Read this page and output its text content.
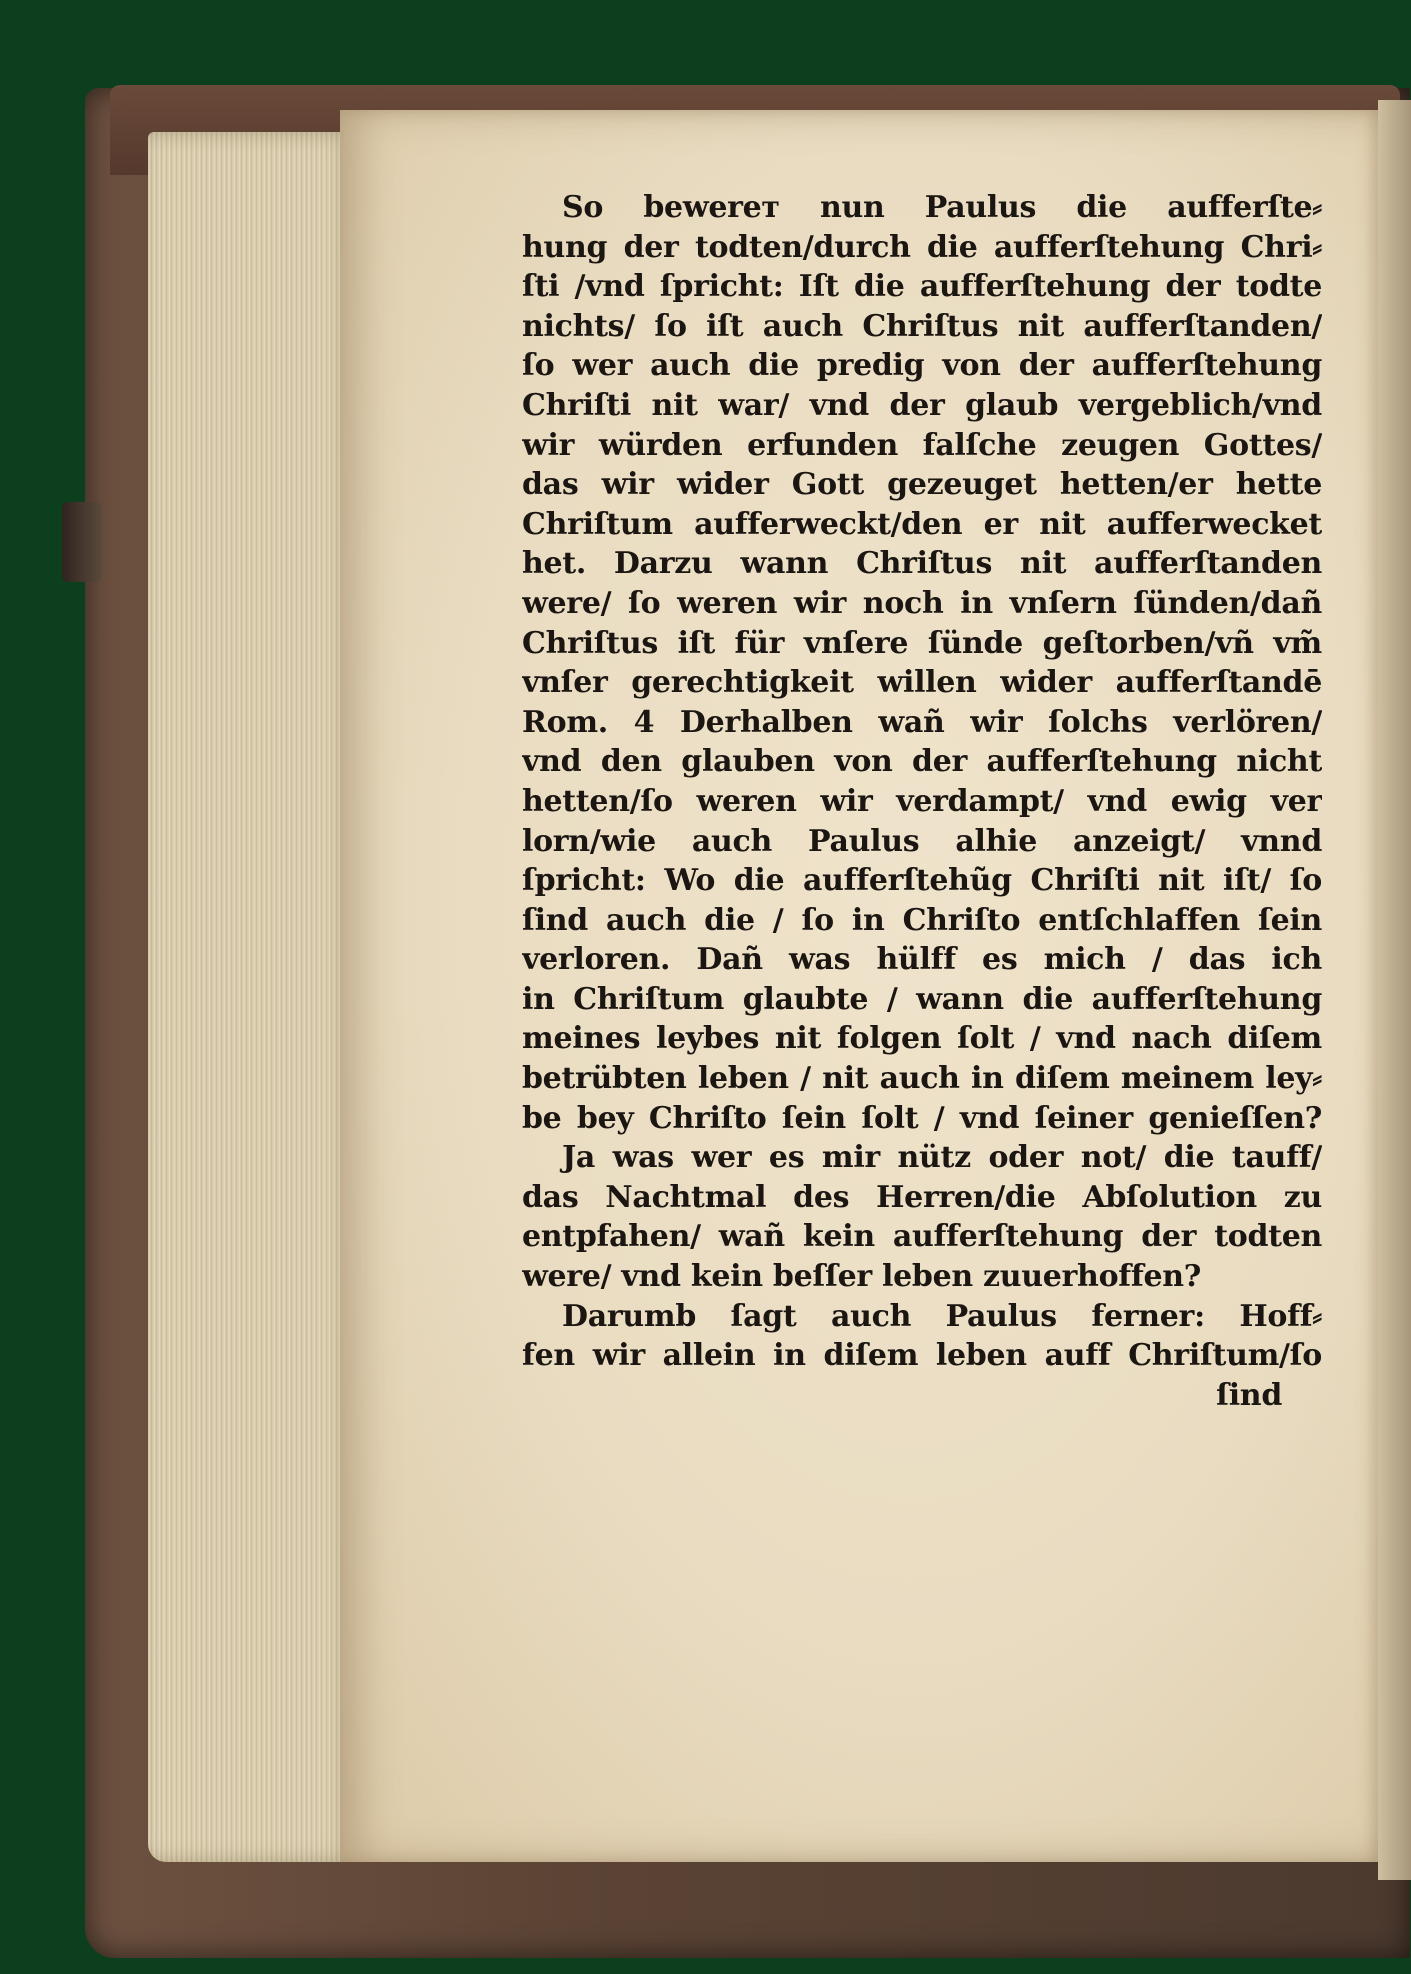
So bewerет nun Paulus die aufferſte⸗
hung der todten/durch die aufferſtehung Chri⸗
ſti /vnd ſpricht: Iſt die aufferſtehung der todte
nichts/ ſo iſt auch Chriſtus nit aufferſtanden/
ſo wer auch die predig von der aufferſtehung
Chriſti nit war/ vnd der glaub vergeblich/vnd
wir würden erfunden falſche zeugen Gottes/
das wir wider Gott gezeuget hetten/er hette
Chriſtum aufferweckt/den er nit aufferwecket
het. Darzu wann Chriſtus nit aufferſtanden
were/ ſo weren wir noch in vnſern ſünden/dañ
Chriſtus iſt für vnſere ſünde geſtorben/vñ vm̃
vnſer gerechtigkeit willen wider aufferſtandē
Rom. 4 Derhalben wañ wir ſolchs verlören/
vnd den glauben von der aufferſtehung nicht
hetten/ſo weren wir verdampt/ vnd ewig ver
lorn/wie auch Paulus alhie anzeigt/ vnnd
ſpricht: Wo die aufferſtehũg Chriſti nit iſt/ ſo
ſind auch die / ſo in Chriſto entſchlaffen ſein
verloren. Dañ was hülff es mich / das ich
in Chriſtum glaubte / wann die aufferſtehung
meines leybes nit folgen ſolt / vnd nach diſem
betrübten leben / nit auch in diſem meinem ley⸗
be bey Chriſto ſein ſolt / vnd ſeiner genieſſen?
Ja was wer es mir nütz oder not/ die tauff/
das Nachtmal des Herren/die Abſolution zu
entpfahen/ wañ kein aufferſtehung der todten
were/ vnd kein beſſer leben zuuerhoffen?
Darumb ſagt auch Paulus ferner: Hoff⸗
fen wir allein in diſem leben auff Chriſtum/ſo
ſind
